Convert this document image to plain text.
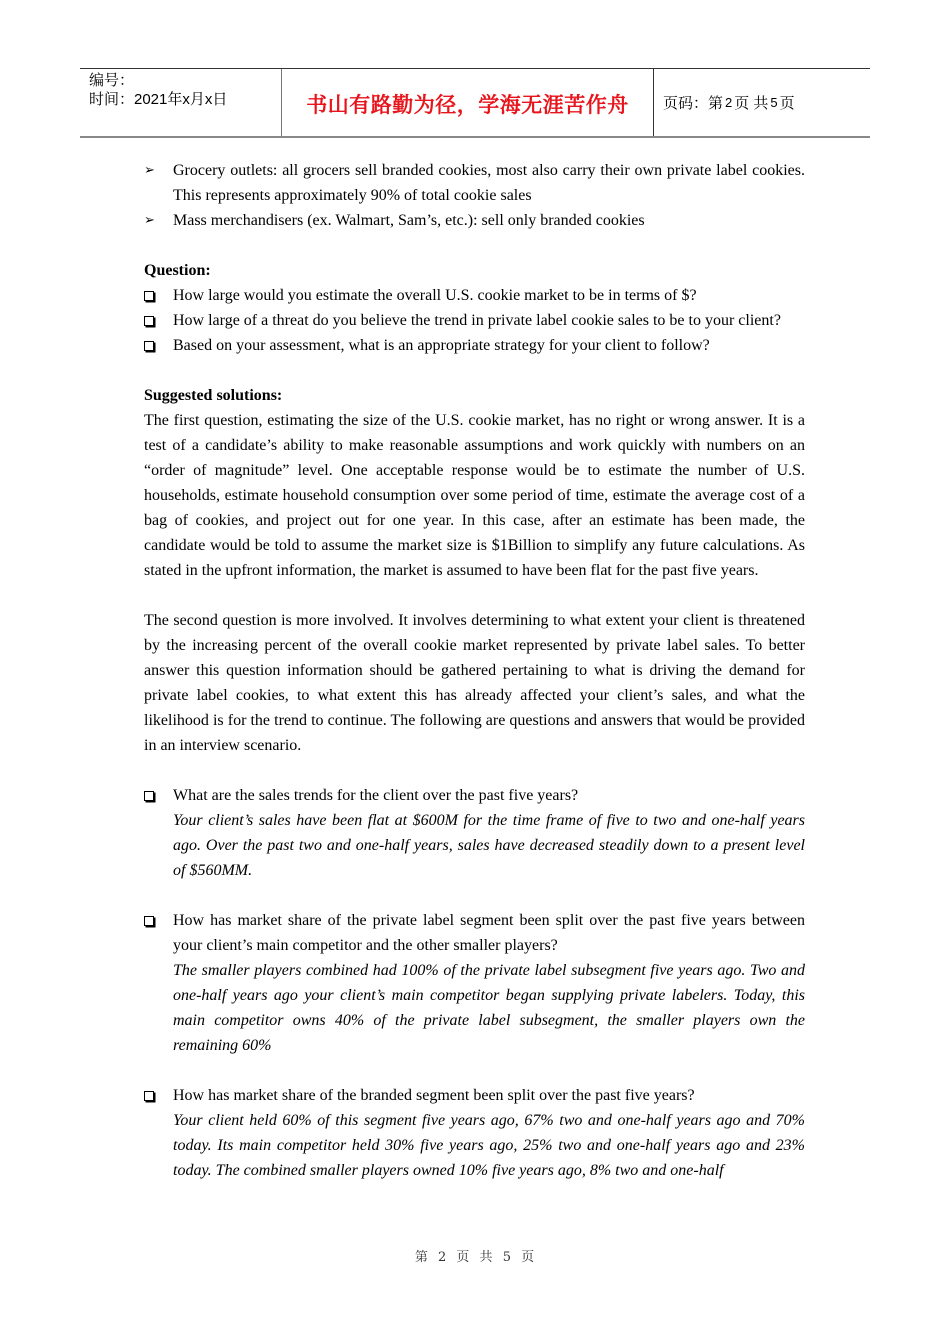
编号：
时间：2021年x月x日	书山有路勤为径，学海无涯苦作舟 页码：第 2 页 共 5 页
➢ Grocery outlets: all grocers sell branded cookies, most also carry their own private label cookies. This represents approximately 90% of total cookie sales
➢ Mass merchandisers (ex. Walmart, Sam’s, etc.): sell only branded cookies
Question:
How large would you estimate the overall U.S. cookie market to be in terms of $?
How large of a threat do you believe the trend in private label cookie sales to be to your client?
Based on your assessment, what is an appropriate strategy for your client to follow?
Suggested solutions:

The first question, estimating the size of the U.S. cookie market, has no right or wrong answer. It is a test of a candidate’s ability to make reasonable assumptions and work quickly with numbers on an “order of magnitude” level. One acceptable response would be to estimate the number of U.S. households, estimate household consumption over some period of time, estimate the average cost of a bag of cookies, and project out for one year. In this case, after an estimate has been made, the candidate would be told to assume the market size is $1Billion to simplify any future calculations. As stated in the upfront information, the market is assumed to have been flat for the past five years.

The second question is more involved. It involves determining to what extent your client is threatened by the increasing percent of the overall cookie market represented by private label sales. To better answer this question information should be gathered pertaining to what is driving the demand for private label cookies, to what extent this has already affected your client’s sales, and what the likelihood is for the trend to continue. The following are questions and answers that would be provided in an interview scenario.

What are the sales trends for the client over the past five years?
Your client’s sales have been flat at $600M for the time frame of five to two and one-half years ago. Over the past two and one-half years, sales have decreased steadily down to a present level of $560MM.
How has market share of the private label segment been split over the past five years between your client’s main competitor and the other smaller players?
The smaller players combined had 100% of the private label subsegment five years ago. Two and one-half years ago your client’s main competitor began supplying private labelers. Today, this main competitor owns 40% of the private label subsegment, the smaller players own the remaining 60%
How has market share of the branded segment been split over the past five years?
Your client held 60% of this segment five years ago, 67% two and one-half years ago and 70% today. Its main competitor held 30% five years ago, 25% two and one-half years ago and 23% today. The combined smaller players owned 10% five years ago, 8% two and one-half
第 2 页 共 5 页
